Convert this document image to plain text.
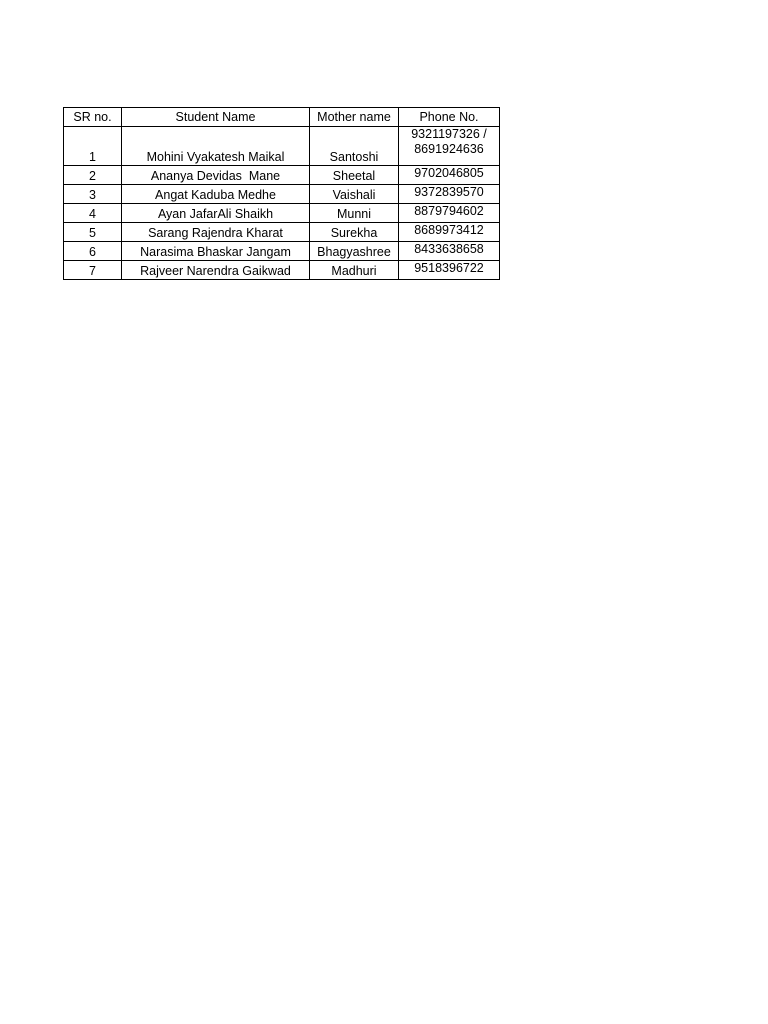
SR no.	Student Name	Mother name	Phone No.
1	Mohini Vyakatesh Maikal	Santoshi	9321197326 /
8691924636

2	Ananya Devidas  Mane	Sheetal	9702046805

3	Angat Kaduba Medhe	Vaishali	9372839570

4	Ayan JafarAli Shaikh	Munni	8879794602

5	Sarang Rajendra Kharat	Surekha	8689973412

6	Narasima Bhaskar Jangam	Bhagyashree	8433638658

7	Rajveer Narendra Gaikwad	Madhuri	9518396722
